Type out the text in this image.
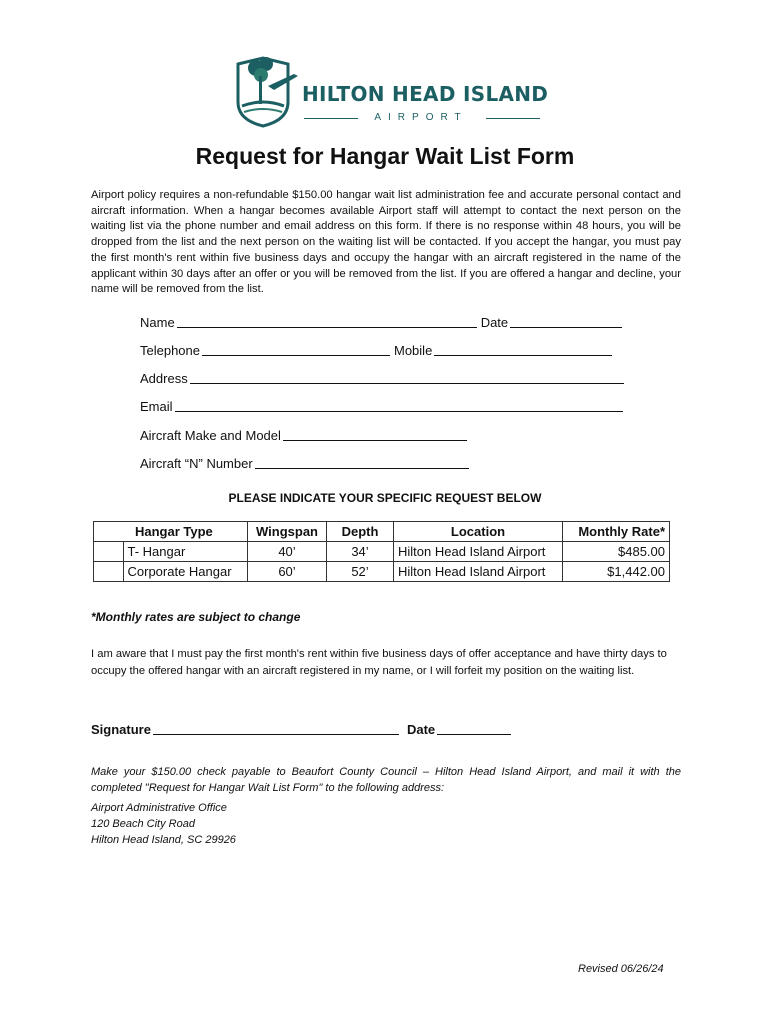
HILTON HEAD ISLAND
AIRPORT
Request for Hangar Wait List Form

Airport policy requires a non-refundable $150.00 hangar wait list administration fee and accurate personal contact and aircraft information. When a hangar becomes available Airport staff will attempt to contact the next person on the waiting list via the phone number and email address on this form. If there is no response within 48 hours, you will be dropped from the list and the next person on the waiting list will be contacted. If you accept the hangar, you must pay the first month's rent within five business days and occupy the hangar with an aircraft registered in the name of the applicant within 30 days after an offer or you will be removed from the list. If you are offered a hangar and decline, your name will be removed from the list.

Name	Date
Telephone	Mobile
Address
Email
Aircraft Make and Model
Aircraft “N” Number
PLEASE INDICATE YOUR SPECIFIC REQUEST BELOW
	Hangar Type	Wingspan	Depth	Location	Monthly Rate*
	T- Hangar	40’	34’	Hilton Head Island Airport	$485.00
	Corporate Hangar	60’	52’	Hilton Head Island Airport	$1,442.00
*Monthly rates are subject to change

I am aware that I must pay the first month's rent within five business days of offer acceptance and have thirty days to occupy the offered hangar with an aircraft registered in my name, or I will forfeit my position on the waiting list.

Signature	Date

Make your $150.00 check payable to Beaufort County Council – Hilton Head Island Airport, and mail it with the completed "Request for Hangar Wait List Form" to the following address:

Airport Administrative Office
120 Beach City Road
Hilton Head Island, SC 29926
Revised 06/26/24
